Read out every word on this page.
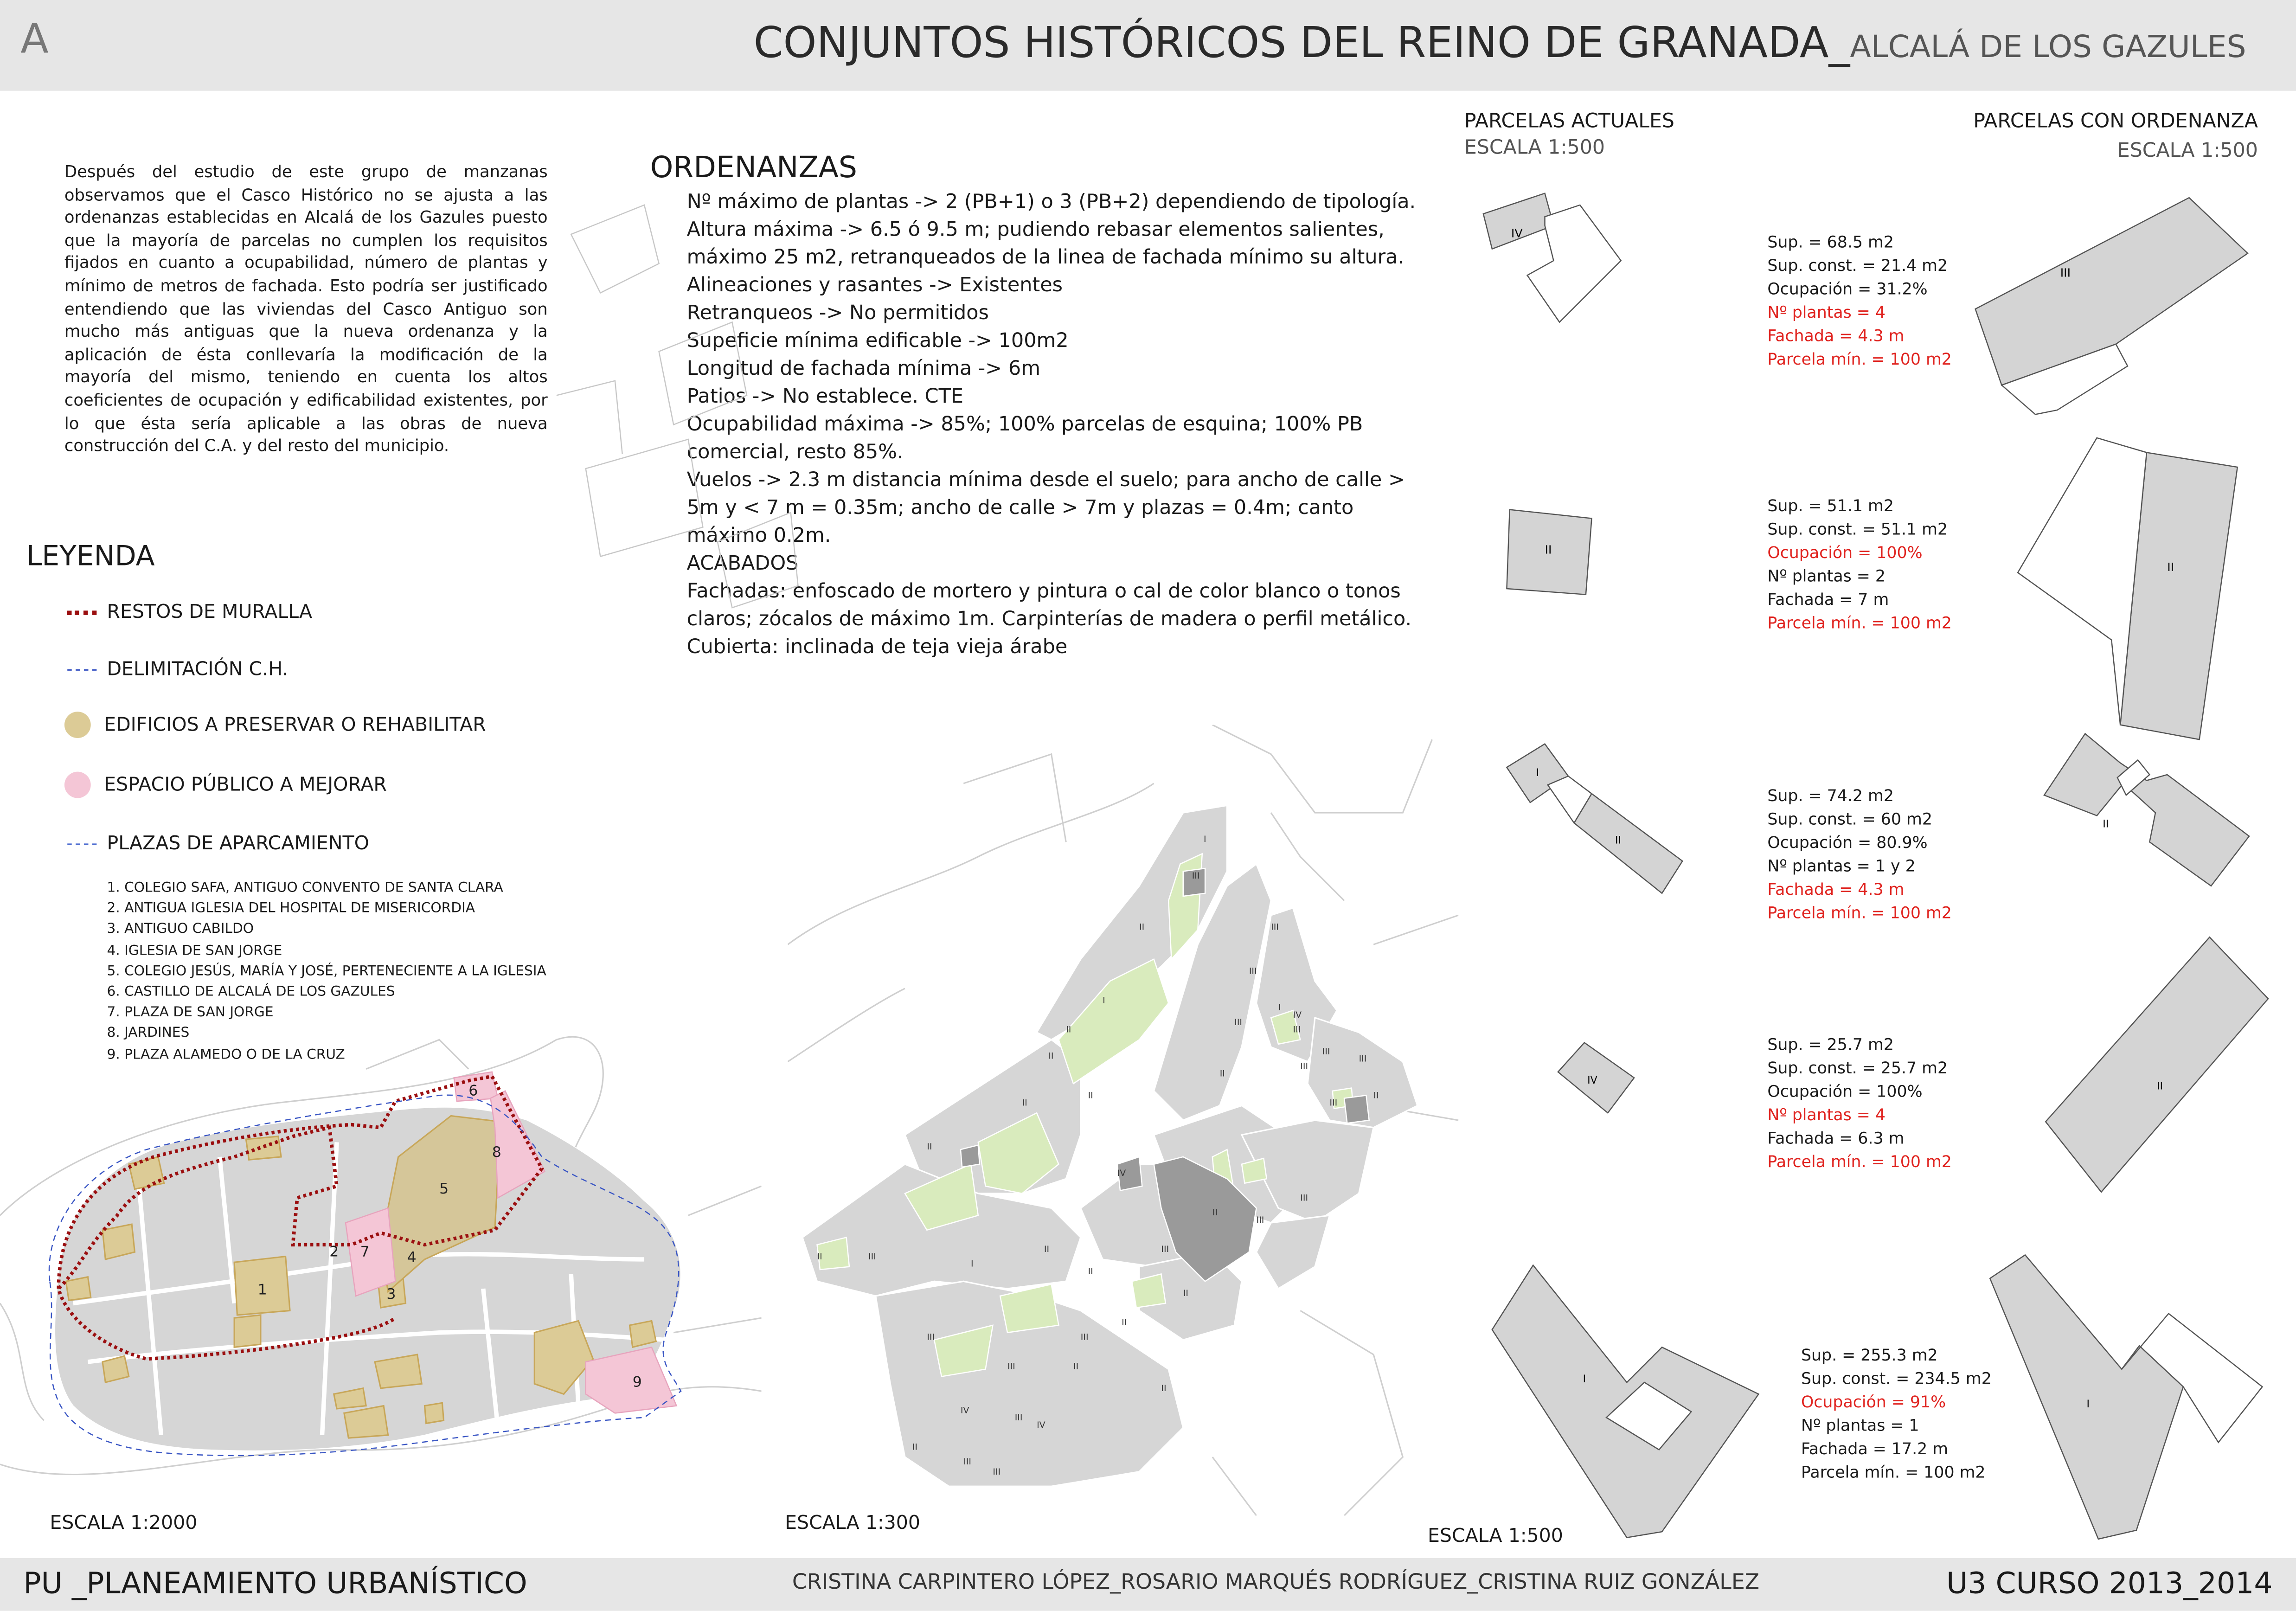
A	CONJUNTOS HISTÓRICOS DEL REINO DE GRANADA_ALCALÁ DE LOS GAZULES
Después del estudio de este grupo de manzanas observamos que el Casco Histórico no se ajusta a las ordenanzas establecidas en Alcalá de los Gazules puesto que la mayoría de parcelas no cumplen los requisitos fijados en cuanto a ocupabilidad, número de plantas y mínimo de metros de fachada. Esto podría ser justificado entendiendo que las viviendas del Casco Antiguo son mucho más antiguas que la nueva ordenanza y la aplicación de ésta conllevaría la modificación de la mayoría del mismo, teniendo en cuenta los altos coeficientes de ocupación y edificabilidad existentes, por lo que ésta sería aplicable a las obras de nueva construcción del C.A. y del resto del municipio.
ORDENANZAS
Nº máximo de plantas -> 2 (PB+1) o 3 (PB+2) dependiendo de tipología.
Altura máxima -> 6.5 ó 9.5 m; pudiendo rebasar elementos salientes, máximo 25 m2, retranqueados de la linea de fachada mínimo su altura.
Alineaciones y rasantes -> Existentes
Retranqueos -> No permitidos
Supeficie mínima edificable -> 100m2
Longitud de fachada mínima -> 6m
Patios -> No establece. CTE
Ocupabilidad máxima -> 85%; 100% parcelas de esquina; 100% PB comercial, resto 85%.
Vuelos -> 2.3 m distancia mínima desde el suelo; para ancho de calle > 5m y < 7 m = 0.35m; ancho de calle > 7m y plazas = 0.4m; canto máximo 0.2m.
ACABADOS
Fachadas: enfoscado de mortero y pintura o cal de color blanco o tonos claros; zócalos de máximo 1m. Carpinterías de madera o perfil metálico.
Cubierta: inclinada de teja vieja árabe
LEYENDA
RESTOS DE MURALLA
DELIMITACIÓN C.H.
EDIFICIOS A PRESERVAR O REHABILITAR
ESPACIO PÚBLICO A MEJORAR
PLAZAS DE APARCAMIENTO
1. COLEGIO SAFA, ANTIGUO CONVENTO DE SANTA CLARA
2. ANTIGUA IGLESIA DEL HOSPITAL DE MISERICORDIA
3. ANTIGUO CABILDO
4. IGLESIA DE SAN JORGE
5. COLEGIO JESÚS, MARÍA Y JOSÉ, PERTENECIENTE A LA IGLESIA
6. CASTILLO DE ALCALÁ DE LOS GAZULES
7. PLAZA DE SAN JORGE
8. JARDINES
9. PLAZA ALAMEDO O DE LA CRUZ
1
2
3
4
5
6
7
8
9
ESCALA 1:2000
I
III
II
I
II
II
II
II
II
III
III
III
II
I
III
IV
III
III
III
II
III
I
III
II
II
II
III
III
III
IV
III
II
II
II
IV
III
III
II
II
III
III
IV
III
II
ESCALA 1:300
ESCALA 1:500
PARCELAS ACTUALES
ESCALA 1:500
PARCELAS CON ORDENANZA
ESCALA 1:500
IV	Sup. = 68.5 m2
Sup. const. = 21.4 m2
Ocupación = 31.2%
Nº plantas = 4
Fachada = 4.3 m
Parcela mín. = 100 m2
III
II
Sup. = 51.1 m2
Sup. const. = 51.1 m2
Ocupación = 100%
Nº plantas = 2
Fachada = 7 m
Parcela mín. = 100 m2
II
I
II
Sup. = 74.2 m2
Sup. const. = 60 m2
Ocupación = 80.9%
Nº plantas = 1 y 2
Fachada = 4.3 m
Parcela mín. = 100 m2
II
IV
Sup. = 25.7 m2
Sup. const. = 25.7 m2
Ocupación = 100%
Nº plantas = 4
Fachada = 6.3 m
Parcela mín. = 100 m2
II
I
Sup. = 255.3 m2
Sup. const. = 234.5 m2
Ocupación = 91%
Nº plantas = 1
Fachada = 17.2 m
Parcela mín. = 100 m2
I
PU _PLANEAMIENTO URBANÍSTICO	CRISTINA CARPINTERO LÓPEZ_ROSARIO MARQUÉS RODRÍGUEZ_CRISTINA RUIZ GONZÁLEZ	U3 CURSO 2013_2014
